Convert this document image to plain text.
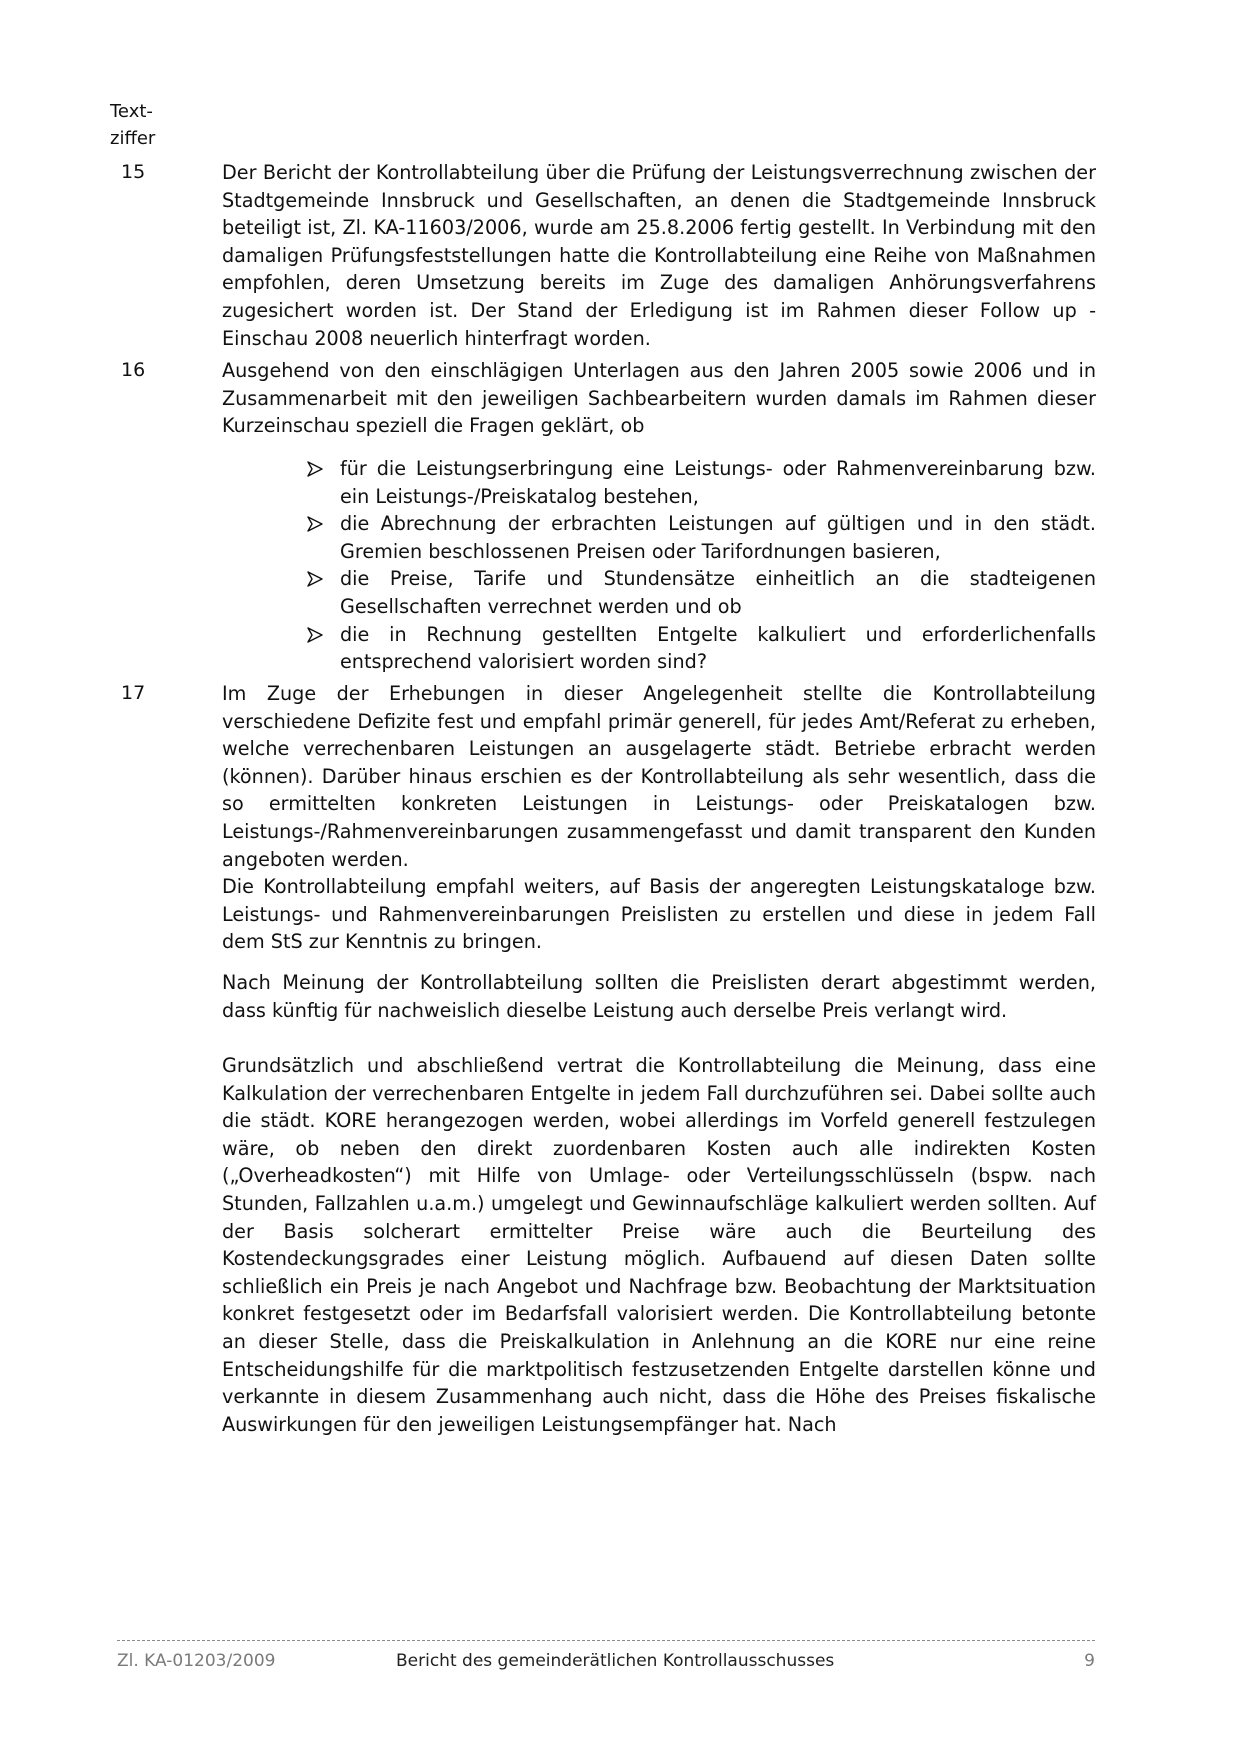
Text-
ziffer
15	Der Bericht der Kontrollabteilung über die Prüfung der Leistungsverrechnung zwischen der Stadtgemeinde Innsbruck und Gesellschaften, an denen die Stadtgemeinde Innsbruck beteiligt ist, Zl. KA-11603/2006, wurde am 25.8.2006 fertig gestellt. In Verbindung mit den damaligen Prüfungsfeststellungen hatte die Kontrollabteilung eine Reihe von Maßnahmen empfohlen, deren Umsetzung bereits im Zuge des damaligen Anhörungsverfahrens zugesichert worden ist. Der Stand der Erledigung ist im Rahmen dieser Follow up - Einschau 2008 neuerlich hinterfragt worden.

16	Ausgehend von den einschlägigen Unterlagen aus den Jahren 2005 sowie 2006 und in Zusammenarbeit mit den jeweiligen Sachbearbeitern wurden damals im Rahmen dieser Kurzeinschau speziell die Fragen geklärt, ob

für die Leistungserbringung eine Leistungs- oder Rahmenvereinbarung bzw. ein Leistungs-/Preiskatalog bestehen,
die Abrechnung der erbrachten Leistungen auf gültigen und in den städt. Gremien beschlossenen Preisen oder Tarifordnungen basieren,
die Preise, Tarife und Stundensätze einheitlich an die stadteigenen Gesellschaften verrechnet werden und ob
die in Rechnung gestellten Entgelte kalkuliert und erforderlichenfalls entsprechend valorisiert worden sind?
17	Im Zuge der Erhebungen in dieser Angelegenheit stellte die Kontrollabteilung verschiedene Defizite fest und empfahl primär generell, für jedes Amt/Referat zu erheben, welche verrechenbaren Leistungen an ausgelagerte städt. Betriebe erbracht werden (können). Darüber hinaus erschien es der Kontrollabteilung als sehr wesentlich, dass die so ermittelten konkreten Leistungen in Leistungs- oder Preiskatalogen bzw. Leistungs-/Rahmenvereinbarungen zusammengefasst und damit transparent den Kunden angeboten werden.
Die Kontrollabteilung empfahl weiters, auf Basis der angeregten Leistungskataloge bzw. Leistungs- und Rahmenvereinbarungen Preislisten zu erstellen und diese in jedem Fall dem StS zur Kenntnis zu bringen.
Nach Meinung der Kontrollabteilung sollten die Preislisten derart abgestimmt werden, dass künftig für nachweislich dieselbe Leistung auch derselbe Preis verlangt wird.
Grundsätzlich und abschließend vertrat die Kontrollabteilung die Meinung, dass eine Kalkulation der verrechenbaren Entgelte in jedem Fall durchzuführen sei. Dabei sollte auch die städt. KORE herangezogen werden, wobei allerdings im Vorfeld generell festzulegen wäre, ob neben den direkt zuordenbaren Kosten auch alle indirekten Kosten („Overheadkosten“) mit Hilfe von Umlage- oder Verteilungsschlüsseln (bspw. nach Stunden, Fallzahlen u.a.m.) umgelegt und Gewinnaufschläge kalkuliert werden sollten. Auf der Basis solcherart ermittelter Preise wäre auch die Beurteilung des Kostendeckungsgrades einer Leistung möglich. Aufbauend auf diesen Daten sollte schließlich ein Preis je nach Angebot und Nachfrage bzw. Beobachtung der Marktsituation konkret festgesetzt oder im Bedarfsfall valorisiert werden. Die Kontrollabteilung betonte an dieser Stelle, dass die Preiskalkulation in Anlehnung an die KORE nur eine reine Entscheidungshilfe für die marktpolitisch festzusetzenden Entgelte darstellen könne und verkannte in diesem Zusammenhang auch nicht, dass die Höhe des Preises fiskalische Auswirkungen für den jeweiligen Leistungsempfänger hat. Nach
Zl. KA-01203/2009	Bericht des gemeinderätlichen Kontrollausschusses	9
